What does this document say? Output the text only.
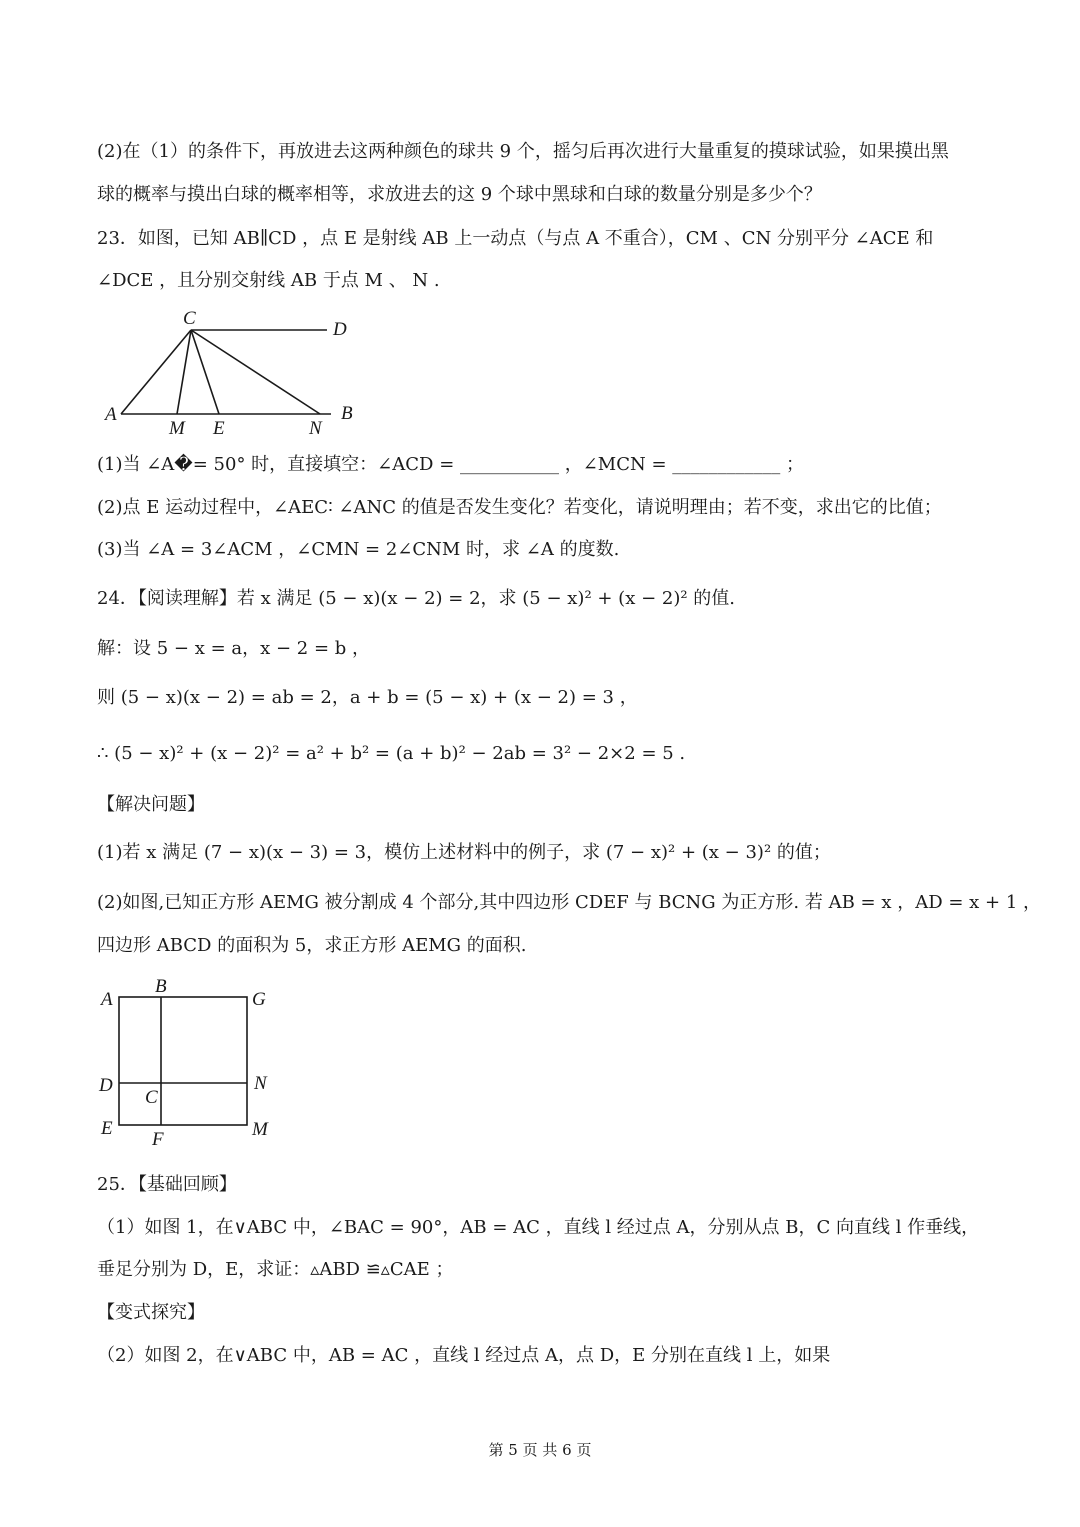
(2)在（1）的条件下，再放进去这两种颜色的球共 9 个，摇匀后再次进行大量重复的摸球试验，如果摸出黑
球的概率与摸出白球的概率相等，求放进去的这 9 个球中黑球和白球的数量分别是多少个？
23．如图，已知 AB∥CD ，点 E 是射线 AB 上一动点（与点 A 不重合），CM 、CN 分别平分 ∠ACE 和
∠DCE ，且分别交射线 AB 于点 M 、 N .
C
D
A	B
M E	N
(1)当 ∠A�= 50° 时，直接填空：∠ACD = ___________ ，∠MCN = ____________ ；
(2)点 E 运动过程中，∠AEC∶ ∠ANC 的值是否发生变化？若变化，请说明理由；若不变，求出它的比值；
(3)当 ∠A = 3∠ACM ，∠CMN = 2∠CNM 时，求 ∠A 的度数.
24．【阅读理解】若 x 满足 (5 − x)(x − 2) = 2，求 (5 − x)² + (x − 2)² 的值.
解：设 5 − x = a，x − 2 = b ，
则 (5 − x)(x − 2) = ab = 2，a + b = (5 − x) + (x − 2) = 3 ，
∴ (5 − x)² + (x − 2)² = a² + b² = (a + b)² − 2ab = 3² − 2×2 = 5 .
【解决问题】
(1)若 x 满足 (7 − x)(x − 3) = 3，模仿上述材料中的例子，求 (7 − x)² + (x − 3)² 的值；
(2)如图,已知正方形 AEMG 被分割成 4 个部分,其中四边形 CDEF 与 BCNG 为正方形. 若 AB = x ，AD = x + 1 ，
四边形 ABCD 的面积为 5，求正方形 AEMG 的面积.
A
B
G
D	N
C
E
F	M
25．【基础回顾】
（1）如图 1，在∨ABC 中，∠BAC = 90°，AB = AC ，直线 l 经过点 A，分别从点 B，C 向直线 l 作垂线，
垂足分别为 D，E，求证：▵ABD ≌▵CAE ；
【变式探究】
（2）如图 2，在∨ABC 中，AB = AC ，直线 l 经过点 A，点 D，E 分别在直线 l 上，如果
第 5 页 共 6 页
